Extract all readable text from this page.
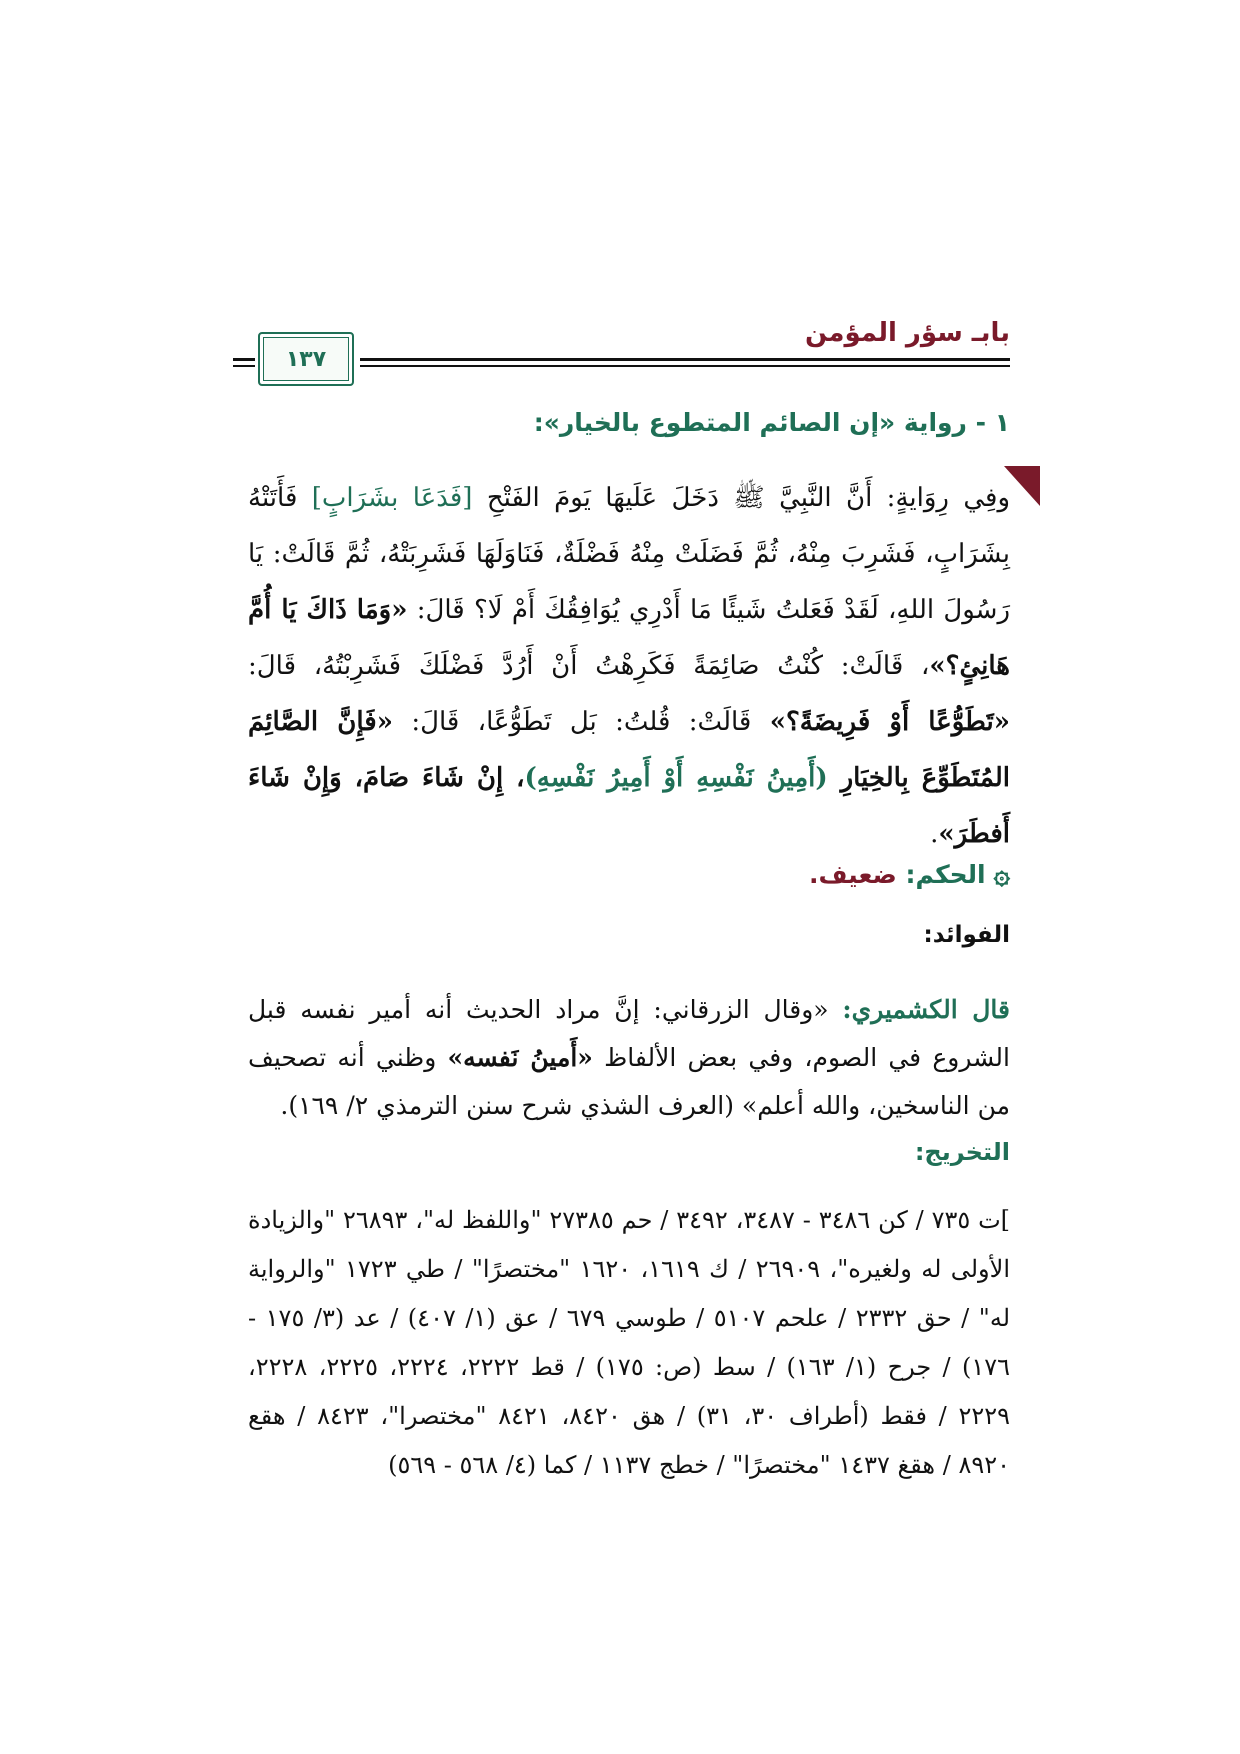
بابـ سؤر المؤمن
١٣٧
١ - رواية «إن الصائم المتطوع بالخيار»:
وفِي رِوَايةٍ: أَنَّ النَّبِيَّ ﷺ دَخَلَ عَلَيهَا يَومَ الفَتْحِ [فَدَعَا بشَرَابٍ] فَأَتَتْهُ بِشَرَابٍ، فَشَرِبَ مِنْهُ، ثُمَّ فَضَلَتْ مِنْهُ فَضْلَةٌ، فَنَاوَلَهَا فَشَرِبَتْهُ، ثُمَّ قَالَتْ: يَا رَسُولَ اللهِ، لَقَدْ فَعَلتُ شَيئًا مَا أَدْرِي يُوَافِقُكَ أَمْ لَا؟ قَالَ: «وَمَا ذَاكَ يَا أُمَّ هَانِئٍ؟»، قَالَتْ: كُنْتُ صَائِمَةً فَكَرِهْتُ أَنْ أَرُدَّ فَضْلَكَ فَشَرِبْتُهُ، قَالَ: «تَطَوُّعًا أَوْ فَرِيضَةً؟» قَالَتْ: قُلتُ: بَل تَطَوُّعًا، قَالَ: «فَإِنَّ الصَّائِمَ المُتَطَوِّعَ بِالخِيَارِ (أَمِينُ نَفْسِهِ أَوْ أَمِيرُ نَفْسِهِ)، إِنْ شَاءَ صَامَ، وَإِنْ شَاءَ أَفطَرَ».
۞الحكم: ضعيف.
الفوائد:
قال الكشميري: «وقال الزرقاني: إنَّ مراد الحديث أنه أمير نفسه قبل الشروع في الصوم، وفي بعض الألفاظ «أَمينُ نَفسه» وظني أنه تصحيف من الناسخين، والله أعلم» (العرف الشذي شرح سنن الترمذي ٢/ ١٦٩).
التخريج:
]ت ٧٣٥ / كن ٣٤٨٦ - ٣٤٨٧، ٣٤٩٢ / حم ٢٧٣٨٥ "واللفظ له"، ٢٦٨٩٣ "والزيادة الأولى له ولغيره"، ٢٦٩٠٩ / ك ١٦١٩، ١٦٢٠ "مختصرًا" / طي ١٧٢٣ "والرواية له" / حق ٢٣٣٢ / علحم ٥١٠٧ / طوسي ٦٧٩ / عق (١/ ٤٠٧) / عد (٣/ ١٧٥ - ١٧٦) / جرح (١/ ١٦٣) / سط (ص: ١٧٥) / قط ٢٢٢٢، ٢٢٢٤، ٢٢٢٥، ٢٢٢٨، ٢٢٢٩ / فقط (أطراف ٣٠، ٣١) / هق ٨٤٢٠، ٨٤٢١ "مختصرا"، ٨٤٢٣ / هقع ٨٩٢٠ / هقغ ١٤٣٧ "مختصرًا" / خطج ١١٣٧ / كما (٤/ ٥٦٨ - ٥٦٩)
